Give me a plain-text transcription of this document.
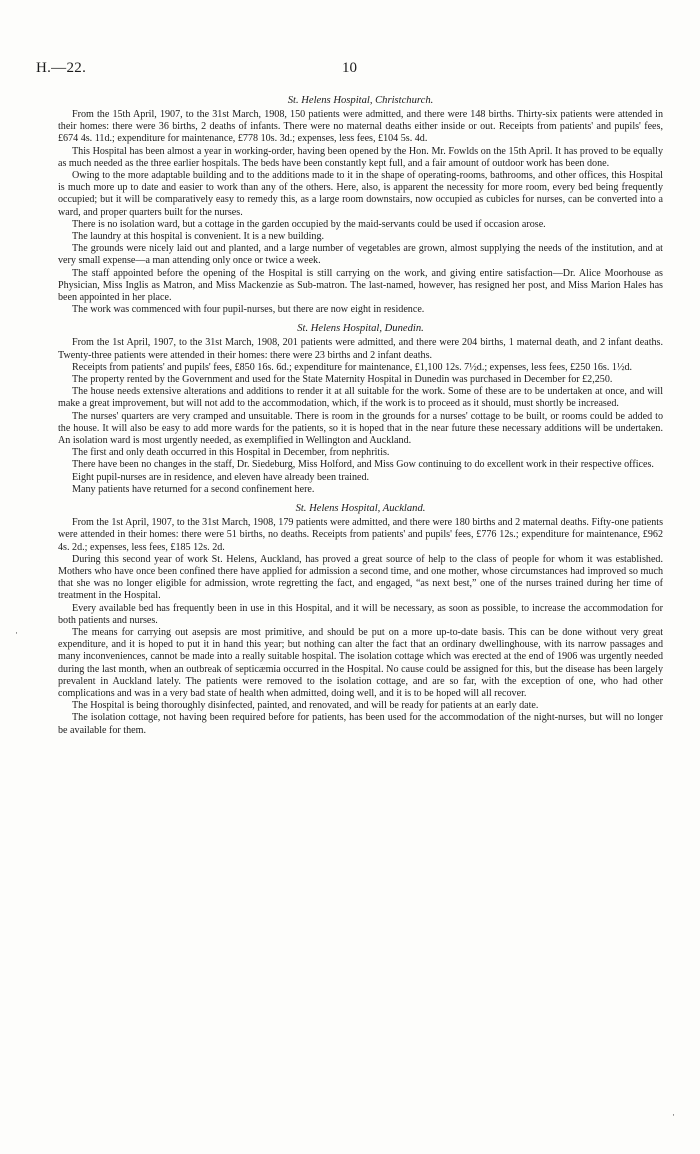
H.—22.	10
St. Helens Hospital, Christchurch.

From the 15th April, 1907, to the 31st March, 1908, 150 patients were admitted, and there were 148 births. Thirty-six patients were attended in their homes: there were 36 births, 2 deaths of infants. There were no maternal deaths either inside or out. Receipts from patients' and pupils' fees, £674 4s. 11d.; expenditure for maintenance, £778 10s. 3d.; expenses, less fees, £104 5s. 4d.

This Hospital has been almost a year in working-order, having been opened by the Hon. Mr. Fowlds on the 15th April. It has proved to be equally as much needed as the three earlier hospitals. The beds have been constantly kept full, and a fair amount of outdoor work has been done.

Owing to the more adaptable building and to the additions made to it in the shape of operating-rooms, bathrooms, and other offices, this Hospital is much more up to date and easier to work than any of the others. Here, also, is apparent the necessity for more room, every bed being frequently occupied; but it will be comparatively easy to remedy this, as a large room downstairs, now occupied as cubicles for nurses, can be converted into a ward, and proper quarters built for the nurses.

There is no isolation ward, but a cottage in the garden occupied by the maid-servants could be used if occasion arose.

The laundry at this hospital is convenient. It is a new building.

The grounds were nicely laid out and planted, and a large number of vegetables are grown, almost supplying the needs of the institution, and at very small expense—a man attending only once or twice a week.

The staff appointed before the opening of the Hospital is still carrying on the work, and giving entire satisfaction—Dr. Alice Moorhouse as Physician, Miss Inglis as Matron, and Miss Mackenzie as Sub-matron. The last-named, however, has resigned her post, and Miss Marion Hales has been appointed in her place.

The work was commenced with four pupil-nurses, but there are now eight in residence.

St. Helens Hospital, Dunedin.

From the 1st April, 1907, to the 31st March, 1908, 201 patients were admitted, and there were 204 births, 1 maternal death, and 2 infant deaths. Twenty-three patients were attended in their homes: there were 23 births and 2 infant deaths.

Receipts from patients' and pupils' fees, £850 16s. 6d.; expenditure for maintenance, £1,100 12s. 7½d.; expenses, less fees, £250 16s. 1½d.

The property rented by the Government and used for the State Maternity Hospital in Dunedin was purchased in December for £2,250.

The house needs extensive alterations and additions to render it at all suitable for the work. Some of these are to be undertaken at once, and will make a great improvement, but will not add to the accommodation, which, if the work is to proceed as it should, must shortly be increased.

The nurses' quarters are very cramped and unsuitable. There is room in the grounds for a nurses' cottage to be built, or rooms could be added to the house. It will also be easy to add more wards for the patients, so it is hoped that in the near future these necessary additions will be undertaken. An isolation ward is most urgently needed, as exemplified in Wellington and Auckland.

The first and only death occurred in this Hospital in December, from nephritis.

There have been no changes in the staff, Dr. Siedeburg, Miss Holford, and Miss Gow continuing to do excellent work in their respective offices.

Eight pupil-nurses are in residence, and eleven have already been trained.

Many patients have returned for a second confinement here.

St. Helens Hospital, Auckland.

From the 1st April, 1907, to the 31st March, 1908, 179 patients were admitted, and there were 180 births and 2 maternal deaths. Fifty-one patients were attended in their homes: there were 51 births, no deaths. Receipts from patients' and pupils' fees, £776 12s.; expenditure for maintenance, £962 4s. 2d.; expenses, less fees, £185 12s. 2d.

During this second year of work St. Helens, Auckland, has proved a great source of help to the class of people for whom it was established. Mothers who have once been confined there have applied for admission a second time, and one mother, whose circumstances had improved so much that she was no longer eligible for admission, wrote regretting the fact, and engaged, “as next best,” one of the nurses trained during her time of treatment in the Hospital.

Every available bed has frequently been in use in this Hospital, and it will be necessary, as soon as possible, to increase the accommodation for both patients and nurses.

The means for carrying out asepsis are most primitive, and should be put on a more up-to-date basis. This can be done without very great expenditure, and it is hoped to put it in hand this year; but nothing can alter the fact that an ordinary dwellinghouse, with its narrow passages and many inconveniences, cannot be made into a really suitable hospital. The isolation cottage which was erected at the end of 1906 was urgently needed during the last month, when an outbreak of septicæmia occurred in the Hospital. No cause could be assigned for this, but the disease has been largely prevalent in Auckland lately. The patients were removed to the isolation cottage, and are so far, with the exception of one, who had other complications and was in a very bad state of health when admitted, doing well, and it is to be hoped will all recover.

The Hospital is being thoroughly disinfected, painted, and renovated, and will be ready for patients at an early date.

The isolation cottage, not having been required before for patients, has been used for the accommodation of the night-nurses, but will no longer be available for them.

·
·
